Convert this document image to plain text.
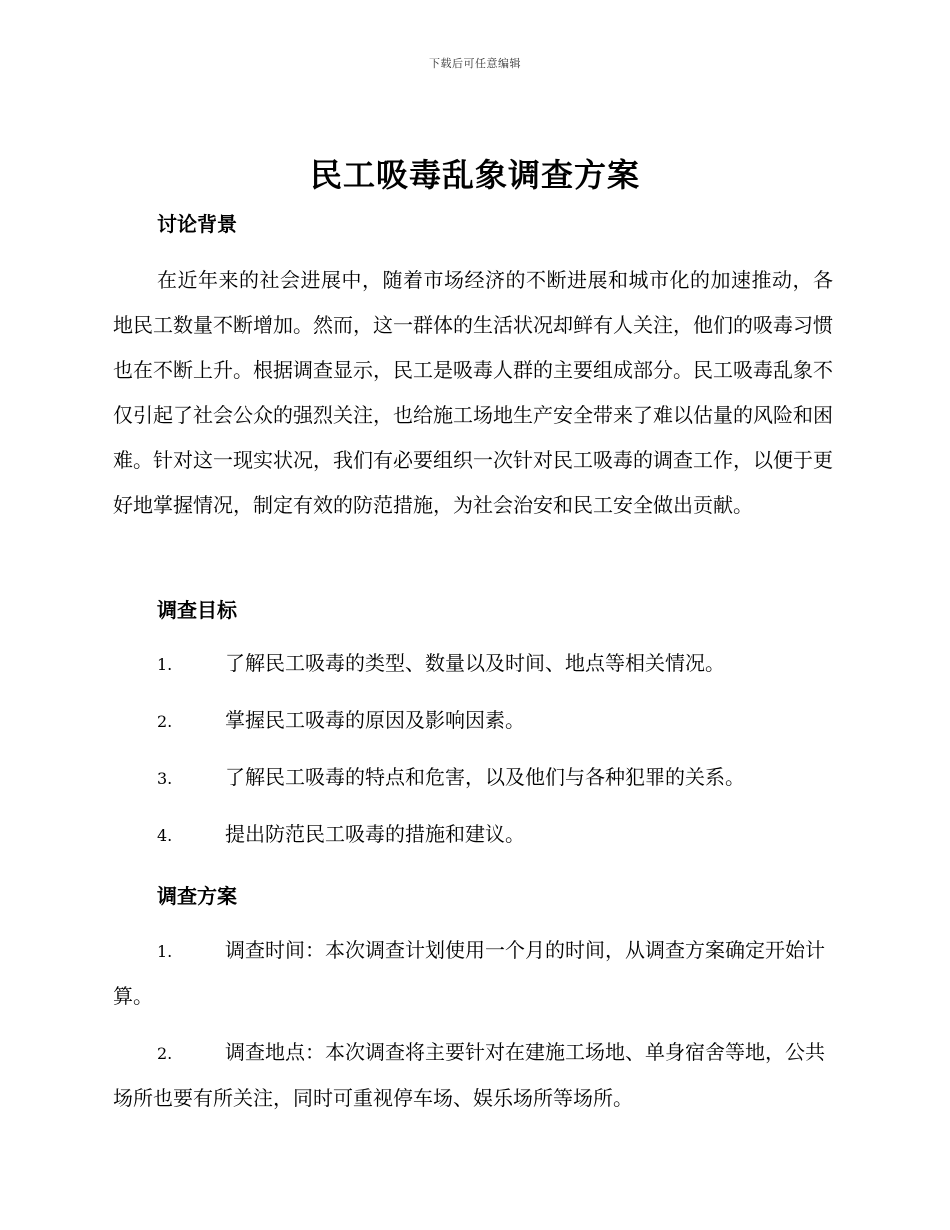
下载后可任意编辑
民工吸毒乱象调查方案
讨论背景

在近年来的社会进展中，随着市场经济的不断进展和城市化的加速推动，各地民工数量不断增加。然而，这一群体的生活状况却鲜有人关注，他们的吸毒习惯也在不断上升。根据调查显示，民工是吸毒人群的主要组成部分。民工吸毒乱象不仅引起了社会公众的强烈关注，也给施工场地生产安全带来了难以估量的风险和困难。针对这一现实状况，我们有必要组织一次针对民工吸毒的调查工作，以便于更好地掌握情况，制定有效的防范措施，为社会治安和民工安全做出贡献。

调查目标
1.	了解民工吸毒的类型、数量以及时间、地点等相关情况。
2.	掌握民工吸毒的原因及影响因素。
3.	了解民工吸毒的特点和危害，以及他们与各种犯罪的关系。
4.	提出防范民工吸毒的措施和建议。
调查方案
1.	调查时间：本次调查计划使用一个月的时间，从调查方案确定开始计算。
2.	调查地点：本次调查将主要针对在建施工场地、单身宿舍等地，公共场所也要有所关注，同时可重视停车场、娱乐场所等场所。
